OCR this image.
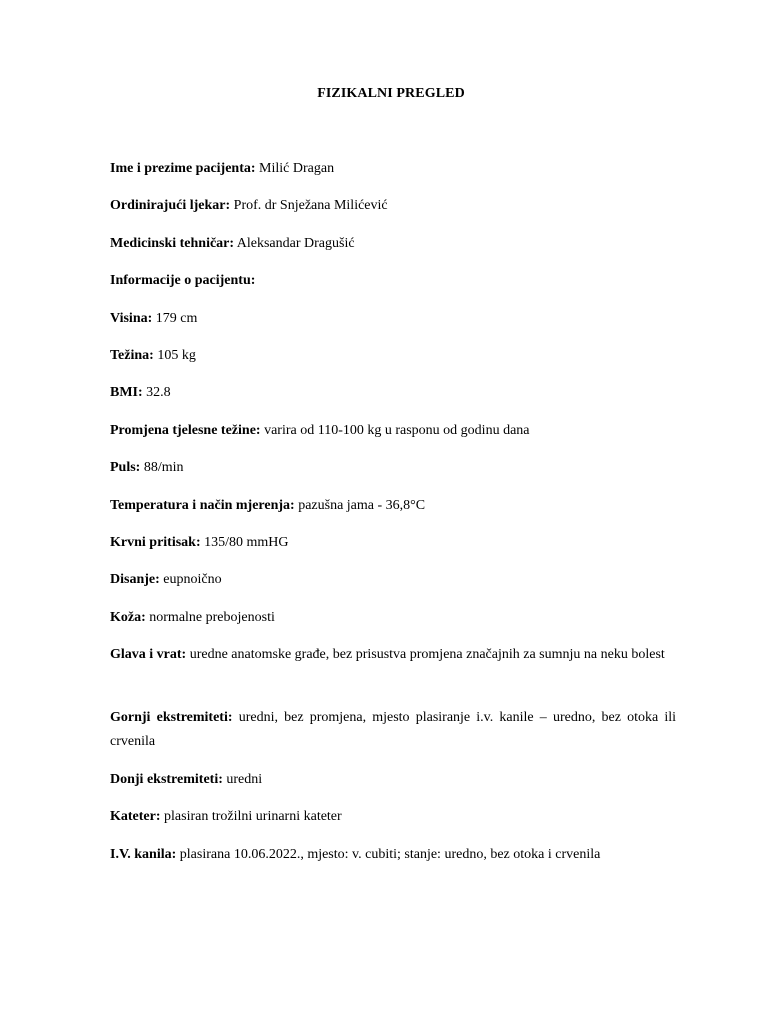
FIZIKALNI PREGLED
Ime i prezime pacijenta: Milić Dragan
Ordinirajući ljekar: Prof. dr Snježana Milićević
Medicinski tehničar: Aleksandar Dragušić
Informacije o pacijentu:
Visina: 179 cm
Težina: 105 kg
BMI: 32.8
Promjena tjelesne težine: varira od 110-100 kg u rasponu od godinu dana
Puls: 88/min
Temperatura i način mjerenja: pazušna jama - 36,8°C
Krvni pritisak: 135/80 mmHG
Disanje: eupnoično
Koža: normalne prebojenosti
Glava i vrat: uredne anatomske građe, bez prisustva promjena značajnih za sumnju na neku bolest
Gornji ekstremiteti: uredni, bez promjena, mjesto plasiranje i.v. kanile – uredno, bez otoka ili crvenila
Donji ekstremiteti: uredni
Kateter: plasiran trožilni urinarni kateter
I.V. kanila: plasirana 10.06.2022., mjesto: v. cubiti; stanje: uredno, bez otoka i crvenila
